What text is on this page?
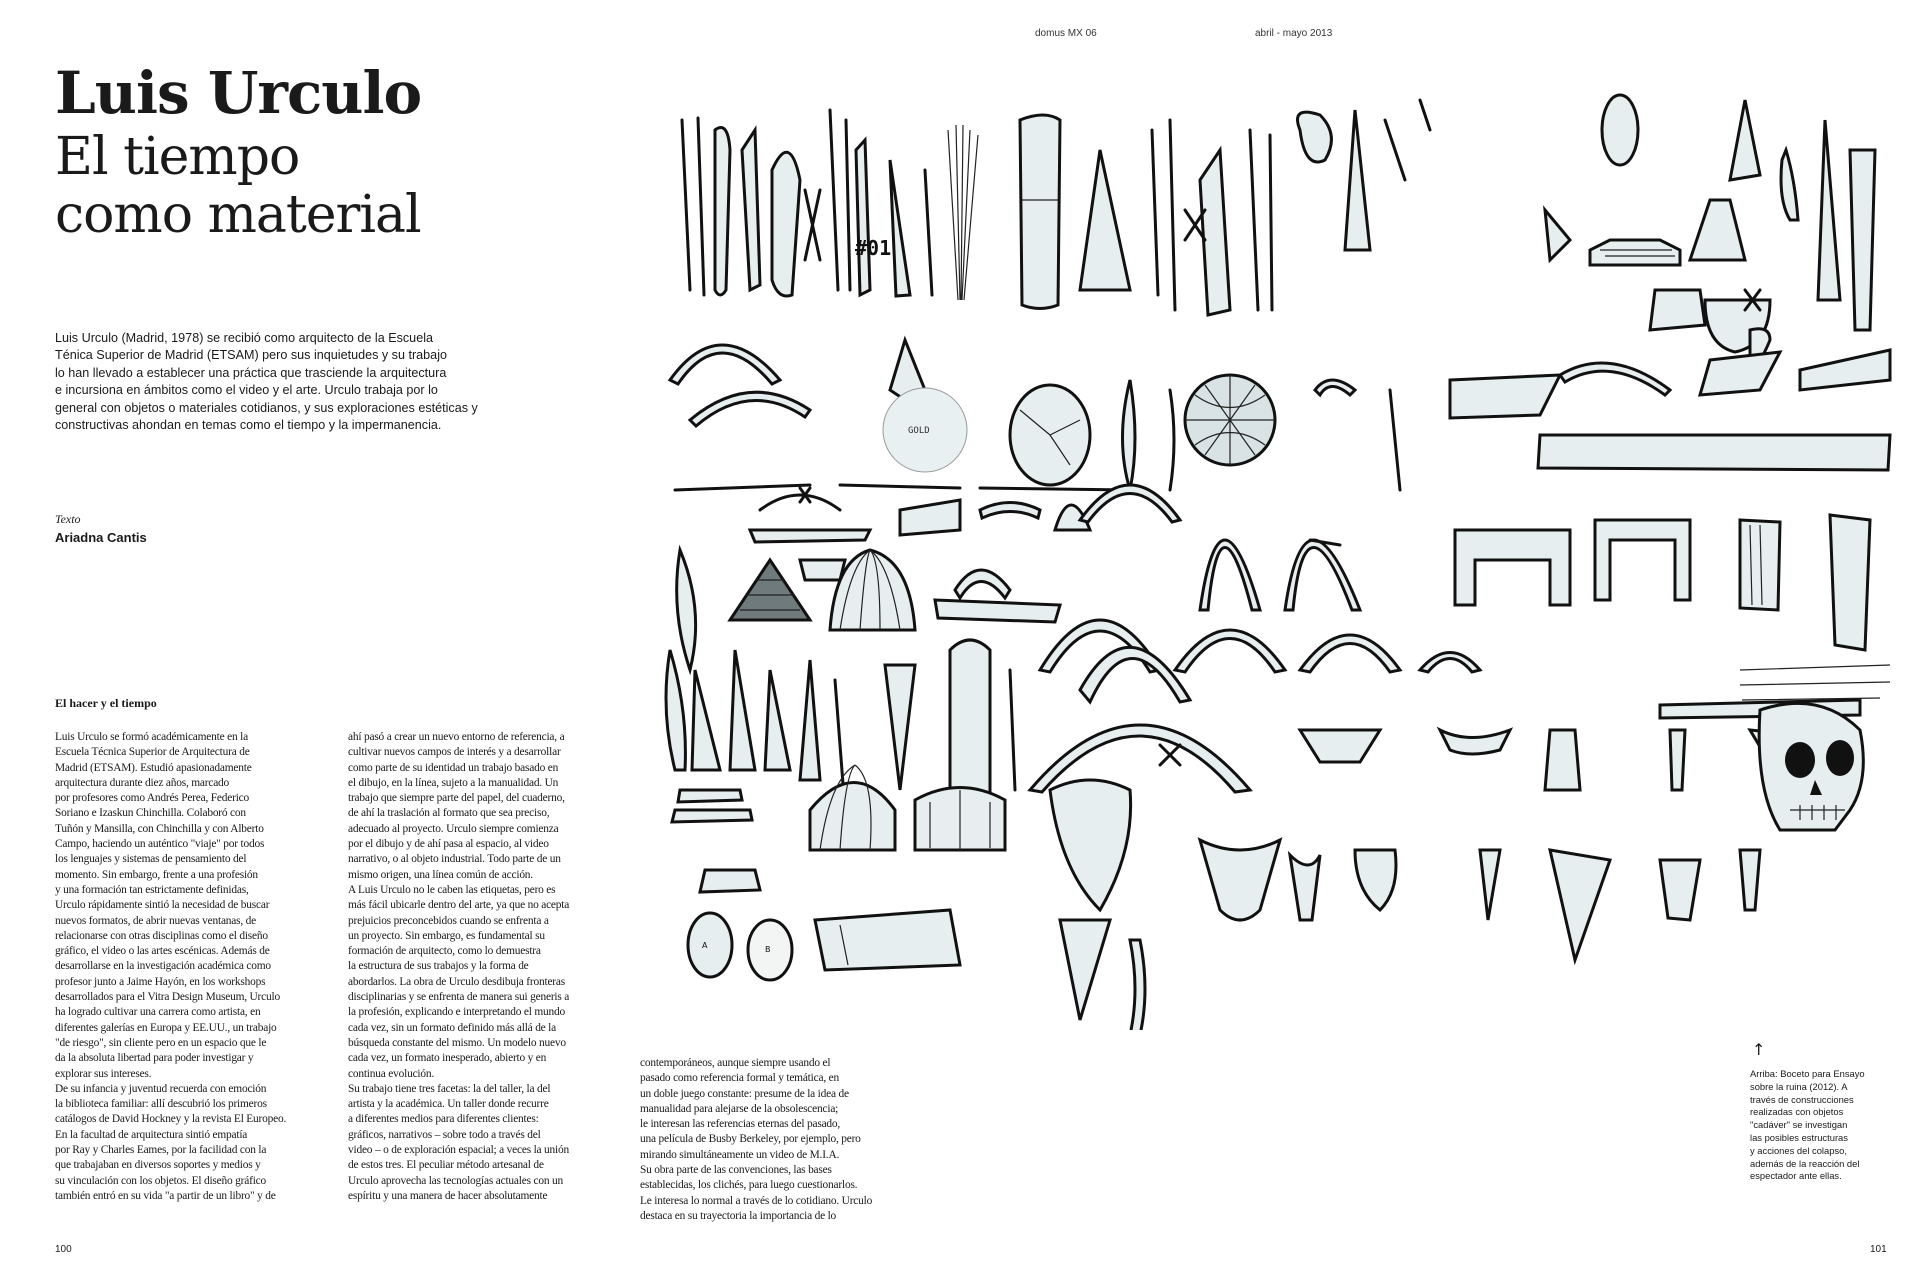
domus MX 06	abril - mayo 2013
Luis Urculo
El tiempo
como material

Luis Urculo (Madrid, 1978) se recibió como arquitecto de la Escuela

Ténica Superior de Madrid (ETSAM) pero sus inquietudes y su trabajo

lo han llevado a establecer una práctica que trasciende la arquitectura

e incursiona en ámbitos como el video y el arte. Urculo trabaja por lo

general con objetos o materiales cotidianos, y sus exploraciones estéticas y

constructivas ahondan en temas como el tiempo y la impermanencia.

Texto
Ariadna Cantis
El hacer y el tiempo

Luis Urculo se formó académicamente en la

Escuela Técnica Superior de Arquitectura de

Madrid (ETSAM). Estudió apasionadamente

arquitectura durante diez años, marcado

por profesores como Andrés Perea, Federico

Soriano e Izaskun Chinchilla. Colaboró con

Tuñón y Mansilla, con Chinchilla y con Alberto

Campo, haciendo un auténtico "viaje" por todos

los lenguajes y sistemas de pensamiento del

momento. Sin embargo, frente a una profesión

y una formación tan estrictamente definidas,

Urculo rápidamente sintió la necesidad de buscar

nuevos formatos, de abrir nuevas ventanas, de

relacionarse con otras disciplinas como el diseño

gráfico, el video o las artes escénicas. Además de

desarrollarse en la investigación académica como

profesor junto a Jaime Hayón, en los workshops

desarrollados para el Vitra Design Museum, Urculo

ha logrado cultivar una carrera como artista, en

diferentes galerías en Europa y EE.UU., un trabajo

"de riesgo", sin cliente pero en un espacio que le

da la absoluta libertad para poder investigar y

explorar sus intereses.

De su infancia y juventud recuerda con emoción

la biblioteca familiar: allí descubrió los primeros

catálogos de David Hockney y la revista El Europeo.

En la facultad de arquitectura sintió empatía

por Ray y Charles Eames, por la facilidad con la

que trabajaban en diversos soportes y medios y

su vinculación con los objetos. El diseño gráfico

también entró en su vida "a partir de un libro" y de

ahí pasó a crear un nuevo entorno de referencia, a

cultivar nuevos campos de interés y a desarrollar

como parte de su identidad un trabajo basado en

el dibujo, en la línea, sujeto a la manualidad. Un

trabajo que siempre parte del papel, del cuaderno,

de ahí la traslación al formato que sea preciso,

adecuado al proyecto. Urculo siempre comienza

por el dibujo y de ahí pasa al espacio, al video

narrativo, o al objeto industrial. Todo parte de un

mismo origen, una línea común de acción.

A Luis Urculo no le caben las etiquetas, pero es

más fácil ubicarle dentro del arte, ya que no acepta

prejuicios preconcebidos cuando se enfrenta a

un proyecto. Sin embargo, es fundamental su

formación de arquitecto, como lo demuestra

la estructura de sus trabajos y la forma de

abordarlos. La obra de Urculo desdibuja fronteras

disciplinarias y se enfrenta de manera sui generis a

la profesión, explicando e interpretando el mundo

cada vez, sin un formato definido más allá de la

búsqueda constante del mismo. Un modelo nuevo

cada vez, un formato inesperado, abierto y en

continua evolución.

Su trabajo tiene tres facetas: la del taller, la del

artista y la académica. Un taller donde recurre

a diferentes medios para diferentes clientes:

gráficos, narrativos – sobre todo a través del

video – o de exploración espacial; a veces la unión

de estos tres. El peculiar método artesanal de

Urculo aprovecha las tecnologías actuales con un

espíritu y una manera de hacer absolutamente

contemporáneos, aunque siempre usando el

pasado como referencia formal y temática, en

un doble juego constante: presume de la idea de

manualidad para alejarse de la obsolescencia;

le interesan las referencias eternas del pasado,

una película de Busby Berkeley, por ejemplo, pero

mirando simultáneamente un video de M.I.A.

Su obra parte de las convenciones, las bases

establecidas, los clichés, para luego cuestionarlos.

Le interesa lo normal a través de lo cotidiano. Urculo

destaca en su trayectoria la importancia de lo

100	101
#01
GOLD
A	B
↑

Arriba: Boceto para Ensayo

sobre la ruina (2012). A

través de construcciones

realizadas con objetos

"cadáver" se investigan

las posibles estructuras

y acciones del colapso,

además de la reacción del

espectador ante ellas.
